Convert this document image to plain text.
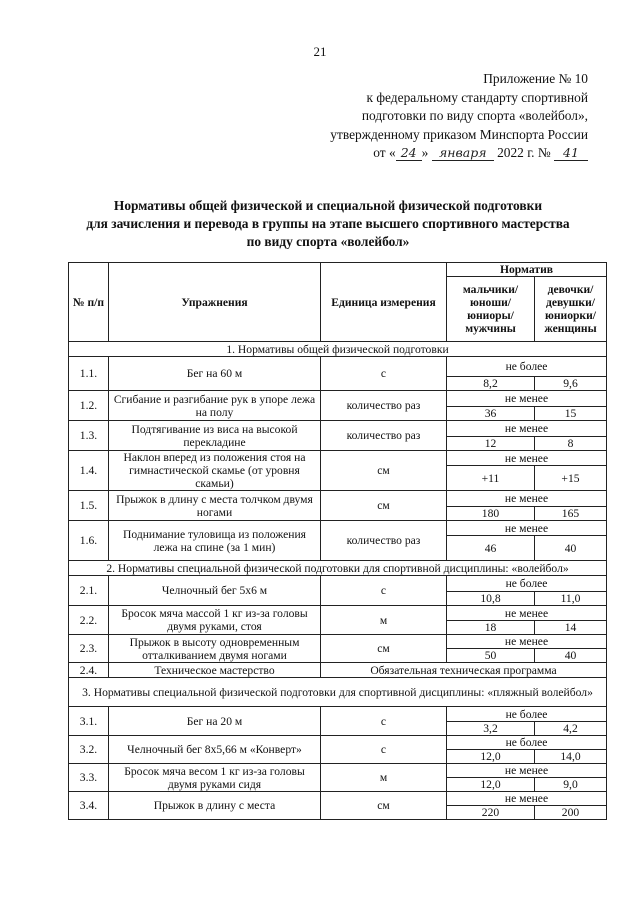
21
Приложение № 10
к федеральному стандарту спортивной
подготовки по виду спорта «волейбол»,
утвержденному приказом Минспорта России
от « 24 » января 2022 г. № 41
Нормативы общей физической и специальной физической подготовки
для зачисления и перевода в группы на этапе высшего спортивного мастерства
по виду спорта «волейбол»
№ п/п	Упражнения	Единица измерения	Норматив	
			мальчики/ юноши/ юниоры/ мужчины	девочки/ девушки/ юниорки/ женщины
1. Нормативы общей физической подготовки				
1.1.	Бег на 60 м	с	не более	
			8,2	9,6
1.2.	Сгибание и разгибание рук в упоре лежа на полу	количество раз	не менее	
			36	15
1.3.	Подтягивание из виса на высокой перекладине	количество раз	не менее	
			12	8
1.4.	Наклон вперед из положения стоя на гимнастической скамье (от уровня скамьи)	см	не менее	
			+11	+15
1.5.	Прыжок в длину с места толчком двумя ногами	см	не менее	
			180	165
1.6.	Поднимание туловища из положения лежа на спине (за 1 мин)	количество раз	не менее	
			46	40
2. Нормативы специальной физической подготовки для спортивной дисциплины: «волейбол»				
2.1.	Челночный бег 5х6 м	с	не более	
			10,8	11,0
2.2.	Бросок мяча массой 1 кг из-за головы двумя руками, стоя	м	не менее	
			18	14
2.3.	Прыжок в высоту одновременным отталкиванием двумя ногами	см	не менее	
			50	40
2.4.	Техническое мастерство	Обязательная техническая программа		
3. Нормативы специальной физической подготовки для спортивной дисциплины: «пляжный волейбол»				
3.1.	Бег на 20 м	с	не более	
			3,2	4,2
3.2.	Челночный бег 8х5,66 м «Конверт»	с	не более	
			12,0	14,0
3.3.	Бросок мяча весом 1 кг из-за головы двумя руками сидя	м	не менее	
			12,0	9,0
3.4.	Прыжок в длину с места	см	не менее	
			220	200
